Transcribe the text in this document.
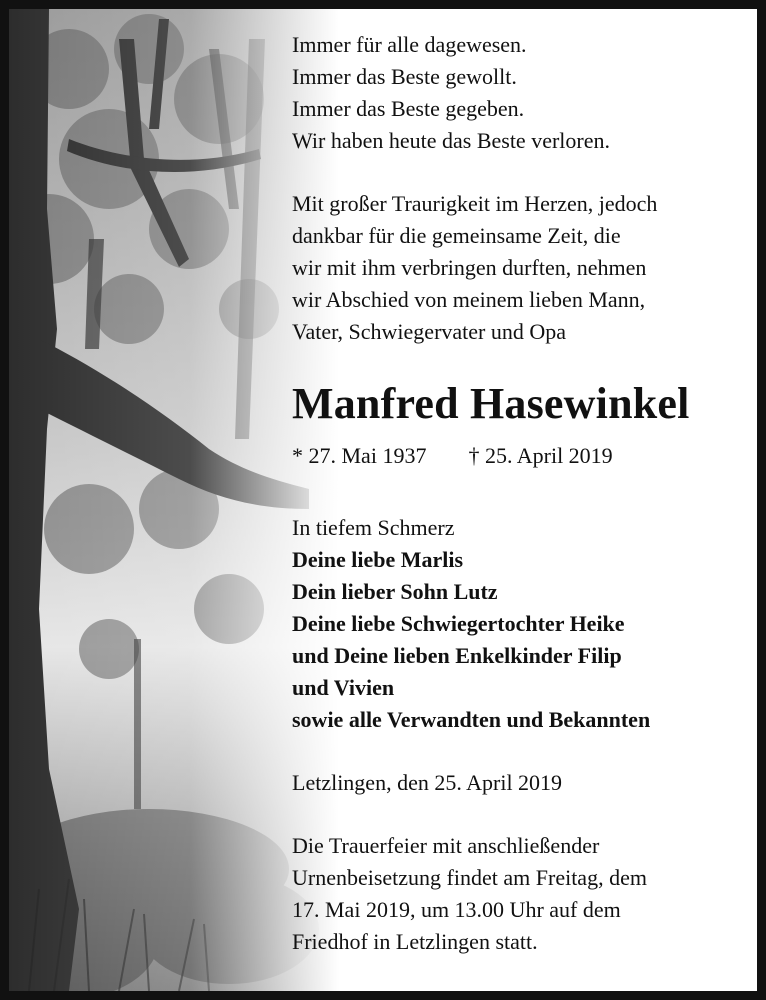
Immer für alle dagewesen.

Immer das Beste gewollt.

Immer das Beste gegeben.

Wir haben heute das Beste verloren.

Mit großer Traurigkeit im Herzen, jedoch

dankbar für die gemeinsame Zeit, die

wir mit ihm verbringen durften, nehmen

wir Abschied von meinem lieben Mann,

Vater, Schwiegervater und Opa

Manfred Hasewinkel
* 27. Mai 1937 † 25. April 2019

In tiefem Schmerz

Deine liebe Marlis

Dein lieber Sohn Lutz

Deine liebe Schwiegertochter Heike

und Deine lieben Enkelkinder Filip

und Vivien

sowie alle Verwandten und Bekannten

Letzlingen, den 25. April 2019

Die Trauerfeier mit anschließender

Urnenbeisetzung findet am Freitag, dem

17. Mai 2019, um 13.00 Uhr auf dem

Friedhof in Letzlingen statt.
